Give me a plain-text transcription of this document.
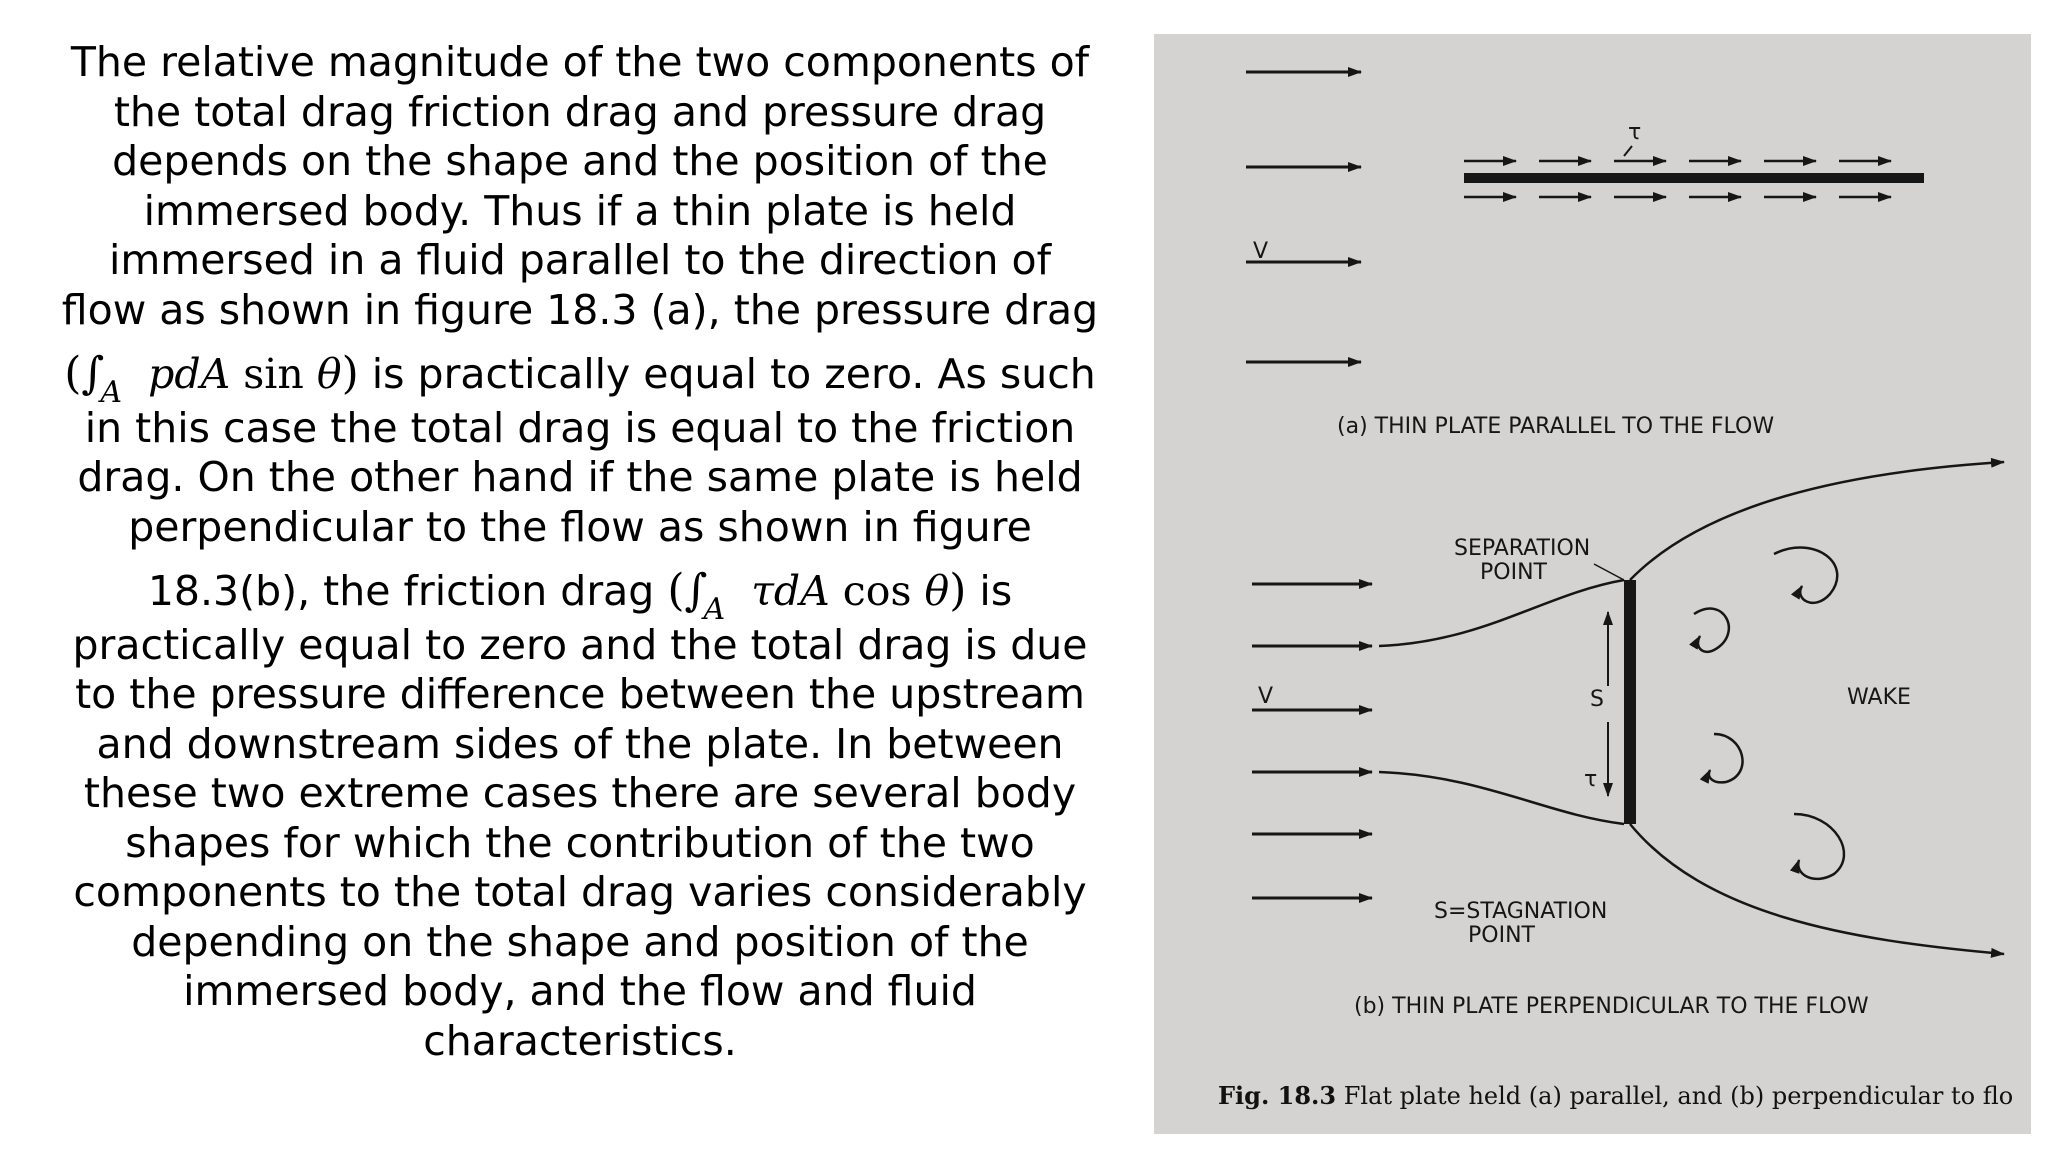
The relative magnitude of the two components of
the total drag friction drag and pressure drag
depends on the shape and the position of the
immersed body. Thus if a thin plate is held
immersed in a fluid parallel to the direction of
flow as shown in figure 18.3 (a), the pressure drag
($\int_A$ pdA sin θ) is practically equal to zero. As such
in this case the total drag is equal to the friction
drag. On the other hand if the same plate is held
perpendicular to the flow as shown in figure
18.3(b), the friction drag ($\int_A$ τdA cos θ) is
practically equal to zero and the total drag is due
to the pressure difference between the upstream
and downstream sides of the plate. In between
these two extreme cases there are several body
shapes for which the contribution of the two
components to the total drag varies considerably
depending on the shape and position of the
immersed body, and the flow and fluid
characteristics.
V
τ
(a) THIN PLATE PARALLEL TO THE FLOW
V
τ
S	WAKE
SEPARATION
POINT
S=STAGNATION
POINT
(b) THIN PLATE PERPENDICULAR TO THE FLOW
Fig. 18.3 Flat plate held (a) parallel, and (b) perpendicular to flo
